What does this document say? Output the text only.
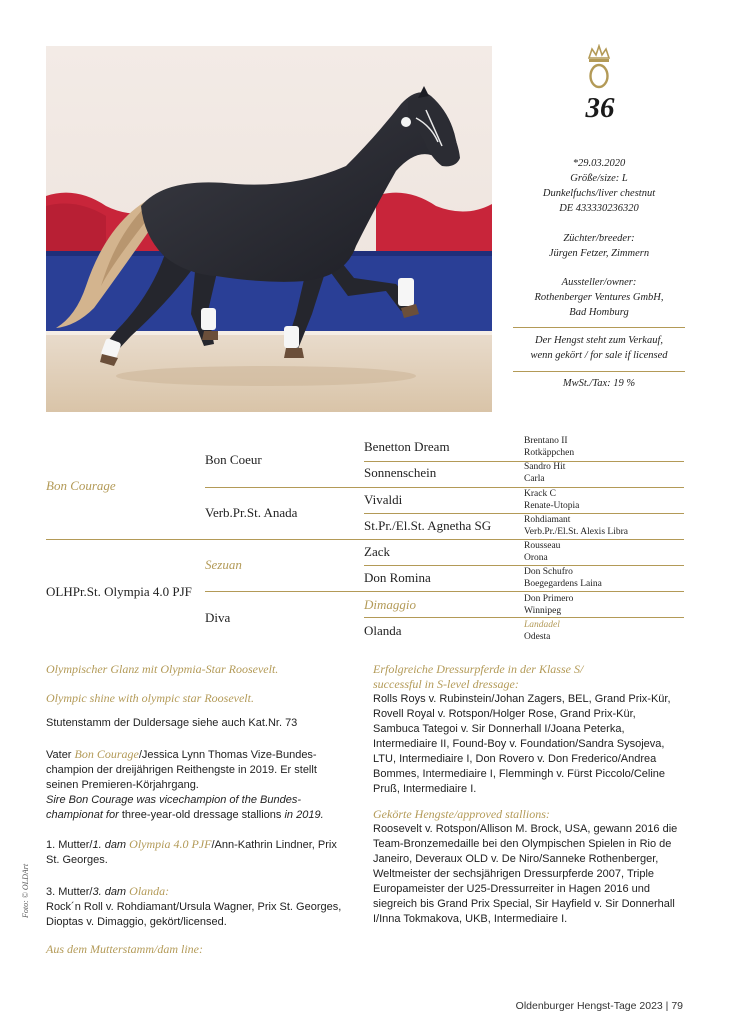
Foto: © OLDArt
36
*29.03.2020
Größe/size: L
Dunkelfuchs/liver chestnut
DE 433330236320
Züchter/breeder:
Jürgen Fetzer, Zimmern
Aussteller/owner:
Rothenberger Ventures GmbH,
Bad Homburg
Der Hengst steht zum Verkauf,
wenn gekört / for sale if licensed
MwSt./Tax: 19 %
Bon Courage
OLHPr.St. Olympia 4.0 PJF
Bon Coeur
Verb.Pr.St. Anada
Sezuan
Diva
Benetton Dream
Sonnenschein
Vivaldi
St.Pr./El.St. Agnetha SG
Zack
Don Romina
Dimaggio
Olanda
Brentano II
Rotkäppchen
Sandro Hit
Carla
Krack C
Renate-Utopia
Rohdiamant
Verb.Pr./El.St. Alexis Libra
Rousseau
Orona
Don Schufro
Boegegardens Laina
Don Primero
Winnipeg
Landadel
Odesta

Olympischer Glanz mit Olypmia-Star Roosevelt.

Olympic shine with olympic star Roosevelt.

Stutenstamm der Duldersage siehe auch Kat.Nr. 73

Vater Bon Courage/Jessica Lynn Thomas Vize-Bundes-champion der dreijährigen Reithengste in 2019. Er stellt seinen Premieren-Körjahrgang.
Sire Bon Courage was vicechampion of the Bundes-championat for three-year-old dressage stallions in 2019.

1. Mutter/1. dam Olympia 4.0 PJF/Ann-Kathrin Lindner, Prix St. Georges.

3. Mutter/3. dam Olanda:
Rock´n Roll v. Rohdiamant/Ursula Wagner, Prix St. Georges, Dioptas v. Dimaggio, gekört/licensed.

Aus dem Mutterstamm/dam line:

Erfolgreiche Dressurpferde in der Klasse S/

successful in S-level dressage:

Rolls Roys v. Rubinstein/Johan Zagers, BEL, Grand Prix-Kür, Rovell Royal v. Rotspon/Holger Rose, Grand Prix-Kür, Sambuca Tategoi v. Sir Donnerhall I/Joana Peterka, Intermediaire II, Found-Boy v. Foundation/Sandra Sysojeva, LTU, Intermediaire I, Don Rovero v. Don Frederico/Andrea Bommes, Intermediaire I, Flemmingh v. Fürst Piccolo/Celine Pruß, Intermediaire I.

Gekörte Hengste/approved stallions:

Roosevelt v. Rotspon/Allison M. Brock, USA, gewann 2016 die Team-Bronzemedaille bei den Olympischen Spielen in Rio de Janeiro, Deveraux OLD v. De Niro/Sanneke Rothenberger, Weltmeister der sechsjährigen Dressurpferde 2007, Triple Europameister der U25-Dressurreiter in Hagen 2016 und siegreich bis Grand Prix Special, Sir Hayfield v. Sir Donnerhall I/Inna Tokmakova, UKB, Intermediaire I.

Oldenburger Hengst-Tage 2023 | 79
